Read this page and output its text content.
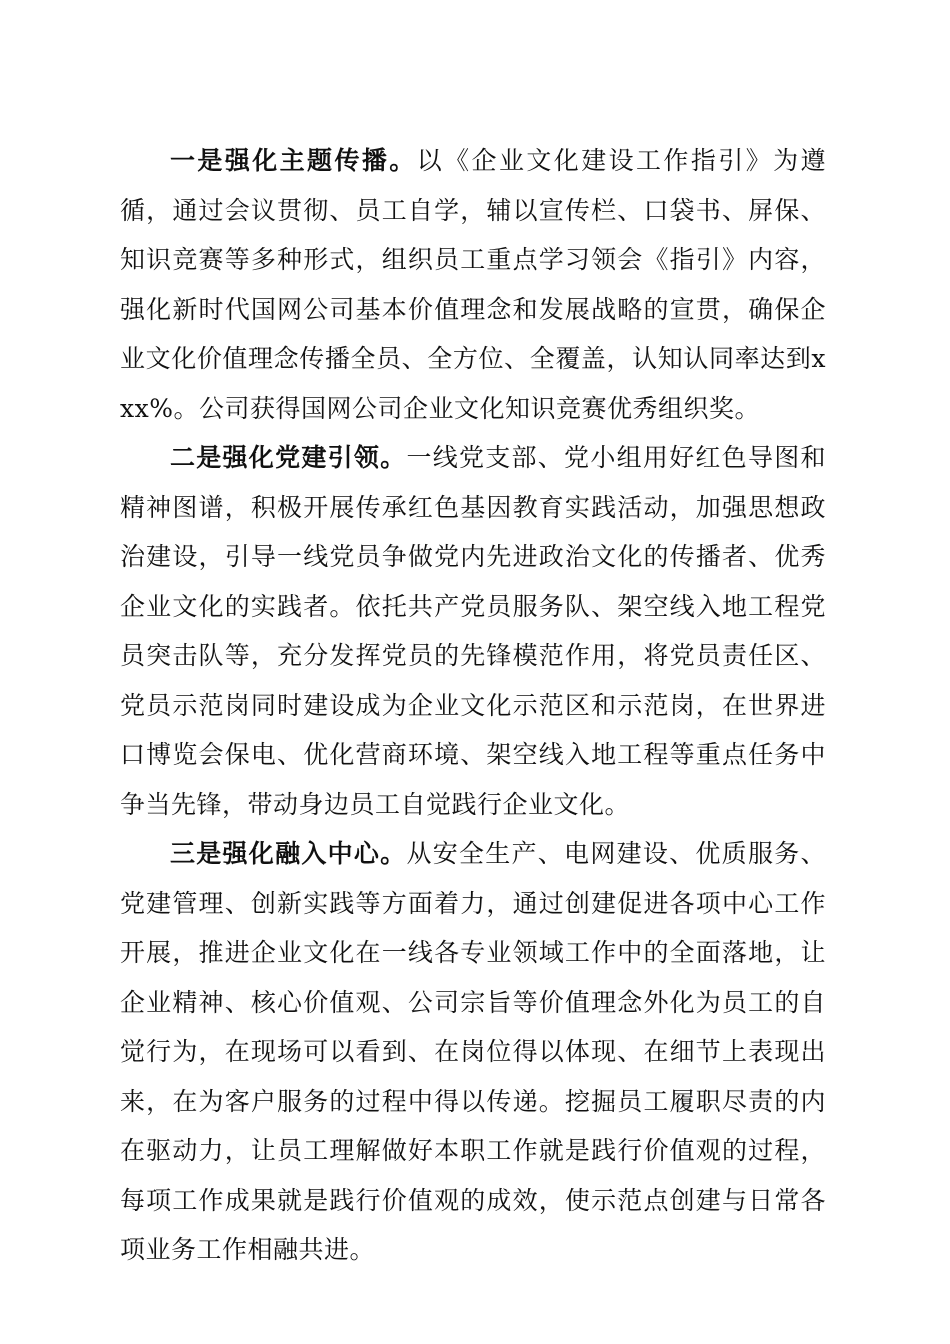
一是强化主题传播。以《企业文化建设工作指引》为遵循，通过会议贯彻、员工自学，辅以宣传栏、口袋书、屏保、知识竞赛等多种形式，组织员工重点学习领会《指引》内容，强化新时代国网公司基本价值理念和发展战略的宣贯，确保企业文化价值理念传播全员、全方位、全覆盖，认知认同率达到xxx%。公司获得国网公司企业文化知识竞赛优秀组织奖。

二是强化党建引领。一线党支部、党小组用好红色导图和精神图谱，积极开展传承红色基因教育实践活动，加强思想政治建设，引导一线党员争做党内先进政治文化的传播者、优秀企业文化的实践者。依托共产党员服务队、架空线入地工程党员突击队等，充分发挥党员的先锋模范作用，将党员责任区、党员示范岗同时建设成为企业文化示范区和示范岗，在世界进口博览会保电、优化营商环境、架空线入地工程等重点任务中争当先锋，带动身边员工自觉践行企业文化。

三是强化融入中心。从安全生产、电网建设、优质服务、党建管理、创新实践等方面着力，通过创建促进各项中心工作开展，推进企业文化在一线各专业领域工作中的全面落地，让企业精神、核心价值观、公司宗旨等价值理念外化为员工的自觉行为，在现场可以看到、在岗位得以体现、在细节上表现出来，在为客户服务的过程中得以传递。挖掘员工履职尽责的内在驱动力，让员工理解做好本职工作就是践行价值观的过程，每项工作成果就是践行价值观的成效，使示范点创建与日常各项业务工作相融共进。
